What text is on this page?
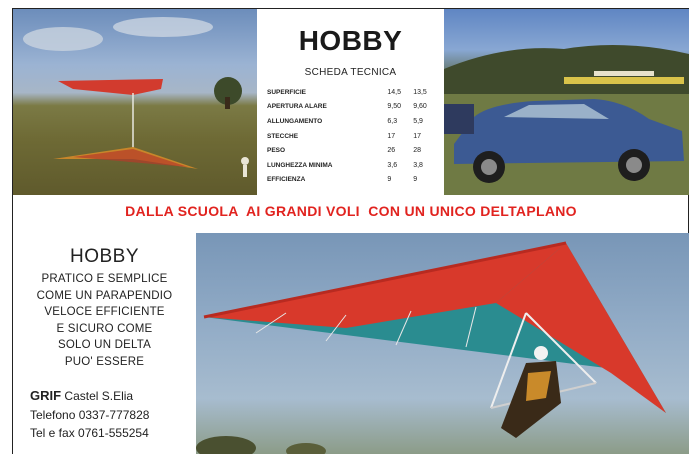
HOBBY
SCHEDA TECNICA
SUPERFICIE	14,5	13,5
APERTURA ALARE	9,50	9,60
ALLUNGAMENTO	6,3	5,9
STECCHE	17	17
PESO	26	28
LUNGHEZZA MINIMA	3,6	3,8
EFFICIENZA	9	9
DALLA SCUOLA  AI GRANDI VOLI  CON UN UNICO DELTAPLANO
HOBBY
PRATICO E SEMPLICE
COME UN PARAPENDIO
VELOCE EFFICIENTE
E SICURO COME
SOLO UN DELTA
PUO' ESSERE
GRIF Castel S.Elia
Telefono 0337-777828
Tel e fax 0761-555254
